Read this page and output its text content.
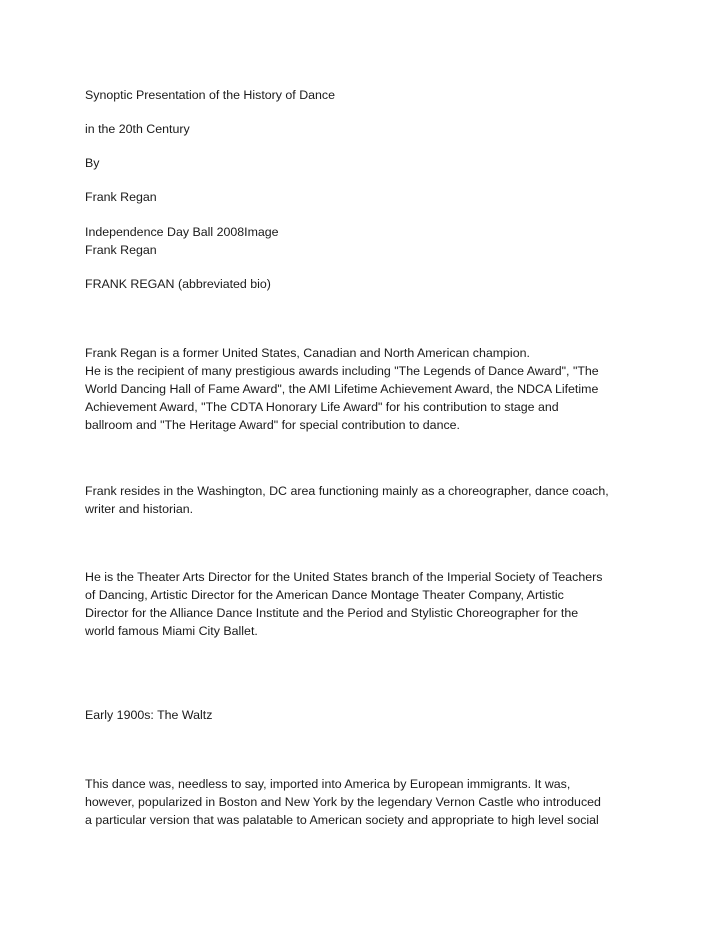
Synoptic Presentation of the History of Dance

in the 20th Century

By

Frank Regan

Independence Day Ball 2008Image

Frank Regan

FRANK REGAN (abbreviated bio)

Frank Regan is a former United States, Canadian and North American champion.
He is the recipient of many prestigious awards including "The Legends of Dance Award", "The
World Dancing Hall of Fame Award", the AMI Lifetime Achievement Award, the NDCA Lifetime
Achievement Award, "The CDTA Honorary Life Award" for his contribution to stage and
ballroom and "The Heritage Award" for special contribution to dance.
Frank resides in the Washington, DC area functioning mainly as a choreographer, dance coach,
writer and historian.
He is the Theater Arts Director for the United States branch of the Imperial Society of Teachers
of Dancing, Artistic Director for the American Dance Montage Theater Company, Artistic
Director for the Alliance Dance Institute and the Period and Stylistic Choreographer for the
world famous Miami City Ballet.

Early 1900s: The Waltz

This dance was, needless to say, imported into America by European immigrants. It was,
however, popularized in Boston and New York by the legendary Vernon Castle who introduced
a particular version that was palatable to American society and appropriate to high level social
